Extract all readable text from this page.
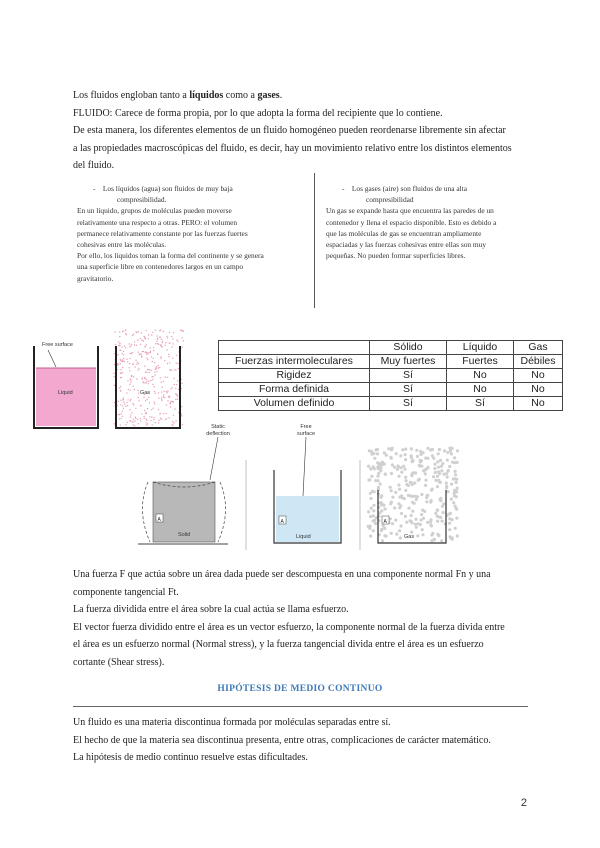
Los fluidos engloban tanto a líquidos como a gases.
FLUIDO: Carece de forma propia, por lo que adopta la forma del recipiente que lo contiene.
De esta manera, los diferentes elementos de un fluido homogéneo pueden reordenarse libremente sin afectar
a las propiedades macroscópicas del fluido, es decir, hay un movimiento relativo entre los distintos elementos
del fluido.
-    Los líquidos (agua) son fluidos de muy baja
compresibilidad.
En un líquido, grupos de moléculas pueden moverse
relativamente una respecto a otras. PERO: el volumen
permanece relativamente constante por las fuerzas fuertes
cohesivas entre las moléculas.
Por ello, los líquidos toman la forma del continente y se genera
una superficie libre en contenedores largos en un campo
gravitatorio.
-    Los gases (aire) son fluidos de una alta
compresibilidad
Un gas se expande hasta que encuentra las paredes de un
contenedor y llena el espacio disponible. Esto es debido a
que las moléculas de gas se encuentran ampliamente
espaciadas y las fuerzas cohesivas entre ellas son muy
pequeñas. No pueden formar superficies libres.
Free surface
Liquid	Gas
	Sólido	Líquido	Gas
Fuerzas intermoleculares	Muy fuertes	Fuertes	Débiles
Rigidez	Sí	No	No
Forma definida	Sí	No	No
Volumen definido	Sí	Sí	No
Static
deflection
A
Solid
Free
surface
A
Liquid
A
Gas
Una fuerza F que actúa sobre un área dada puede ser descompuesta en una componente normal Fn y una
componente tangencial Ft.
La fuerza dividida entre el área sobre la cual actúa se llama esfuerzo.
El vector fuerza dividido entre el área es un vector esfuerzo, la componente normal de la fuerza divida entre
el área es un esfuerzo normal (Normal stress), y la fuerza tangencial divida entre el área es un esfuerzo
cortante (Shear stress).
HIPÓTESIS DE MEDIO CONTINUO
Un fluido es una materia discontinua formada por moléculas separadas entre sí.
El hecho de que la materia sea discontinua presenta, entre otras, complicaciones de carácter matemático.
La hipótesis de medio continuo resuelve estas dificultades.
2
